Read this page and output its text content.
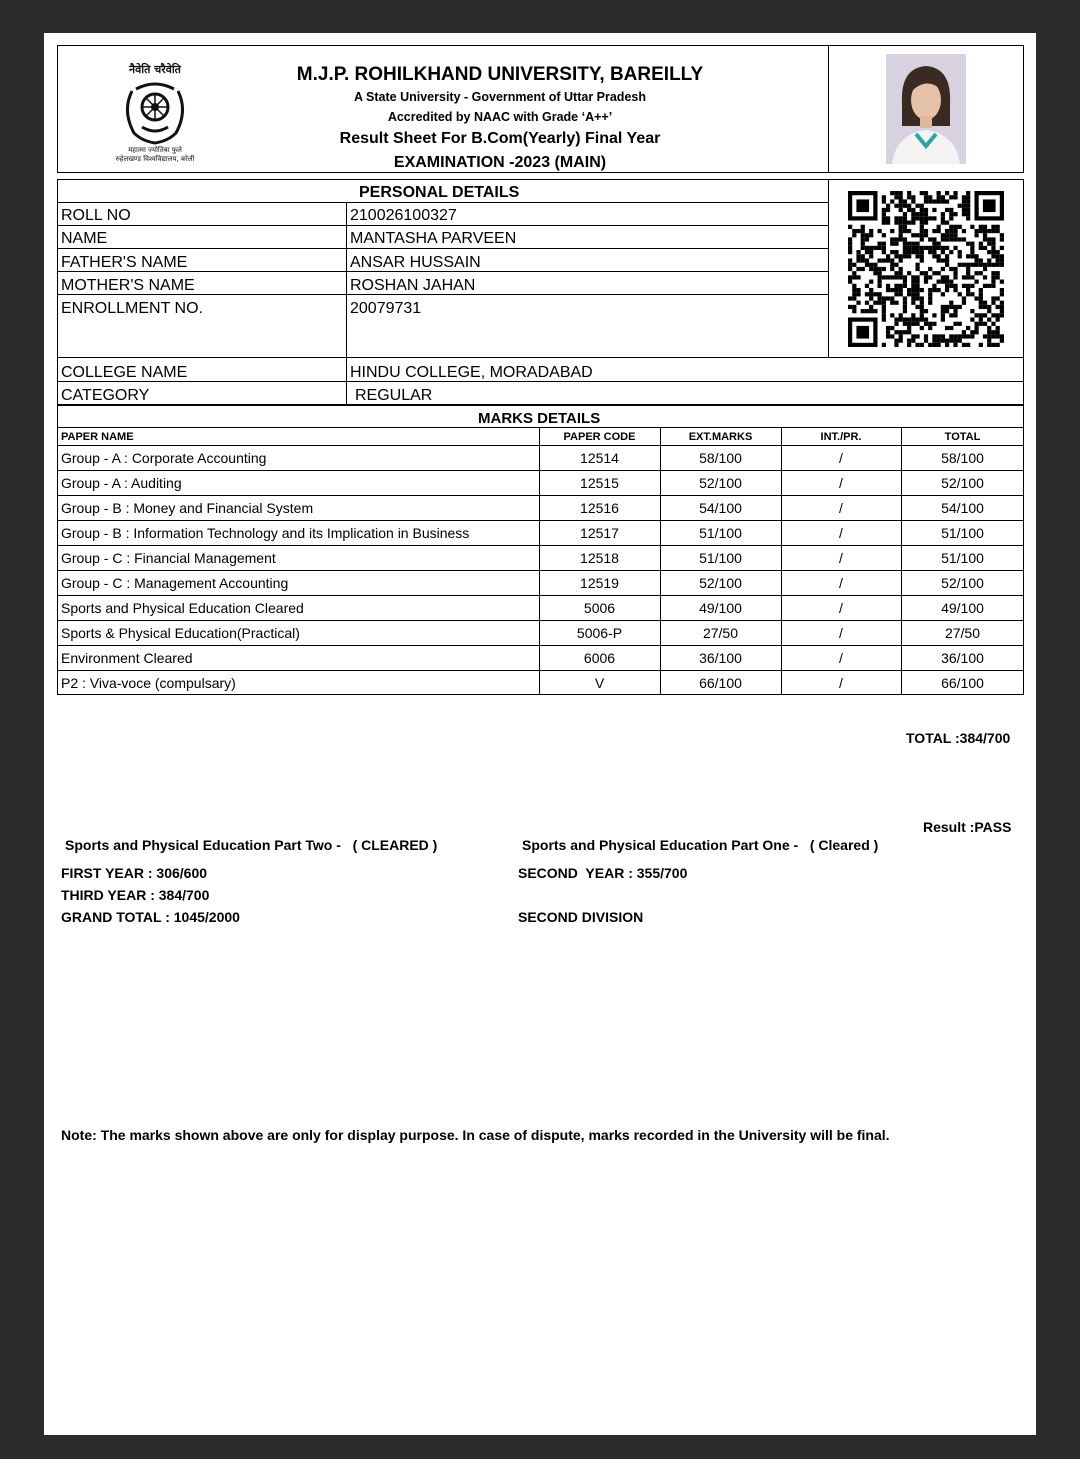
नैवेति चरैवेति
महात्मा ज्योतिबा फुले
रुहेलखण्ड विश्वविद्यालय, बरेली
M.J.P. ROHILKHAND UNIVERSITY, BAREILLY
A State University - Government of Uttar Pradesh
Accredited by NAAC with Grade ‘A++’
Result Sheet For B.Com(Yearly) Final Year
EXAMINATION -2023 (MAIN)
PERSONAL DETAILS
ROLL NO	210026100327
NAME	MANTASHA PARVEEN
FATHER'S NAME	ANSAR HUSSAIN
MOTHER'S NAME	ROSHAN JAHAN
ENROLLMENT NO.	20079731
COLLEGE NAME	HINDU COLLEGE, MORADABAD
CATEGORY	REGULAR
MARKS DETAILS
PAPER NAME	PAPER CODE	EXT.MARKS	INT./PR.	TOTAL
TOTAL :384/700
Result :PASS
Sports and Physical Education Part Two -   ( CLEARED )	Sports and Physical Education Part One -   ( Cleared )
FIRST YEAR : 306/600	SECOND  YEAR : 355/700
THIRD YEAR : 384/700
GRAND TOTAL : 1045/2000	SECOND DIVISION
Note: The marks shown above are only for display purpose. In case of dispute, marks recorded in the University will be final.
Group - A : Corporate Accounting	12514	58/100	/	58/100
Group - A : Auditing	12515	52/100	/	52/100
Group - B : Money and Financial System	12516	54/100	/	54/100
Group - B : Information Technology and its Implication in Business	12517	51/100	/	51/100
Group - C : Financial Management	12518	51/100	/	51/100
Group - C : Management Accounting	12519	52/100	/	52/100
Sports and Physical Education Cleared	5006	49/100	/	49/100
Sports & Physical Education(Practical)	5006-P	27/50	/	27/50
Environment Cleared	6006	36/100	/	36/100
P2 : Viva-voce (compulsary)	V	66/100	/	66/100
